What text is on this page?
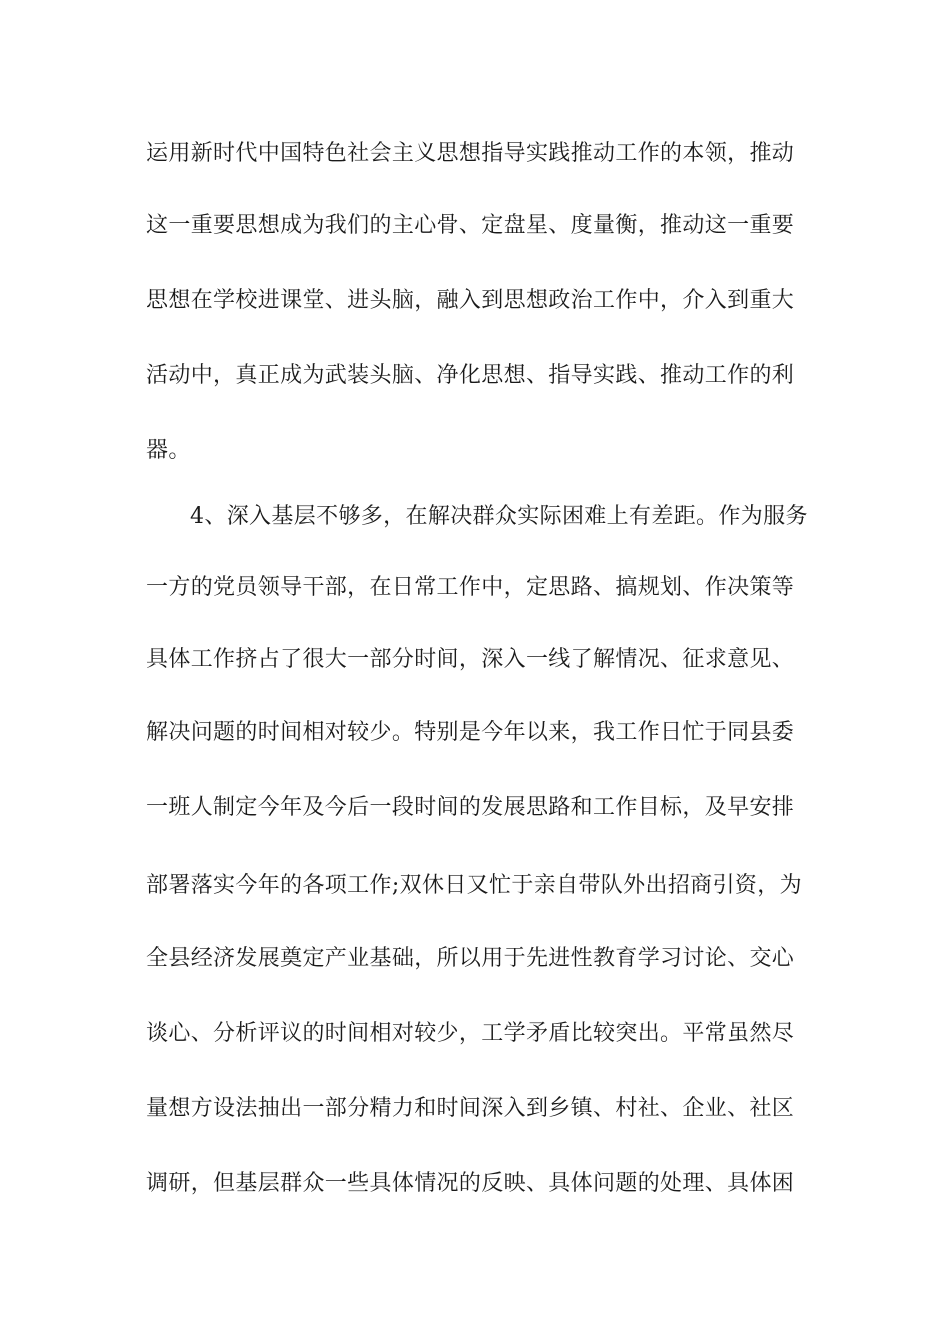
运用新时代中国特色社会主义思想指导实践推动工作的本领，推动
这一重要思想成为我们的主心骨、定盘星、度量衡，推动这一重要
思想在学校进课堂、进头脑，融入到思想政治工作中，介入到重大
活动中，真正成为武装头脑、净化思想、指导实践、推动工作的利
器。
4、深入基层不够多，在解决群众实际困难上有差距。作为服务
一方的党员领导干部，在日常工作中，定思路、搞规划、作决策等
具体工作挤占了很大一部分时间，深入一线了解情况、征求意见、
解决问题的时间相对较少。特别是今年以来，我工作日忙于同县委
一班人制定今年及今后一段时间的发展思路和工作目标，及早安排
部署落实今年的各项工作;双休日又忙于亲自带队外出招商引资，为
全县经济发展奠定产业基础，所以用于先进性教育学习讨论、交心
谈心、分析评议的时间相对较少，工学矛盾比较突出。平常虽然尽
量想方设法抽出一部分精力和时间深入到乡镇、村社、企业、社区
调研，但基层群众一些具体情况的反映、具体问题的处理、具体困
